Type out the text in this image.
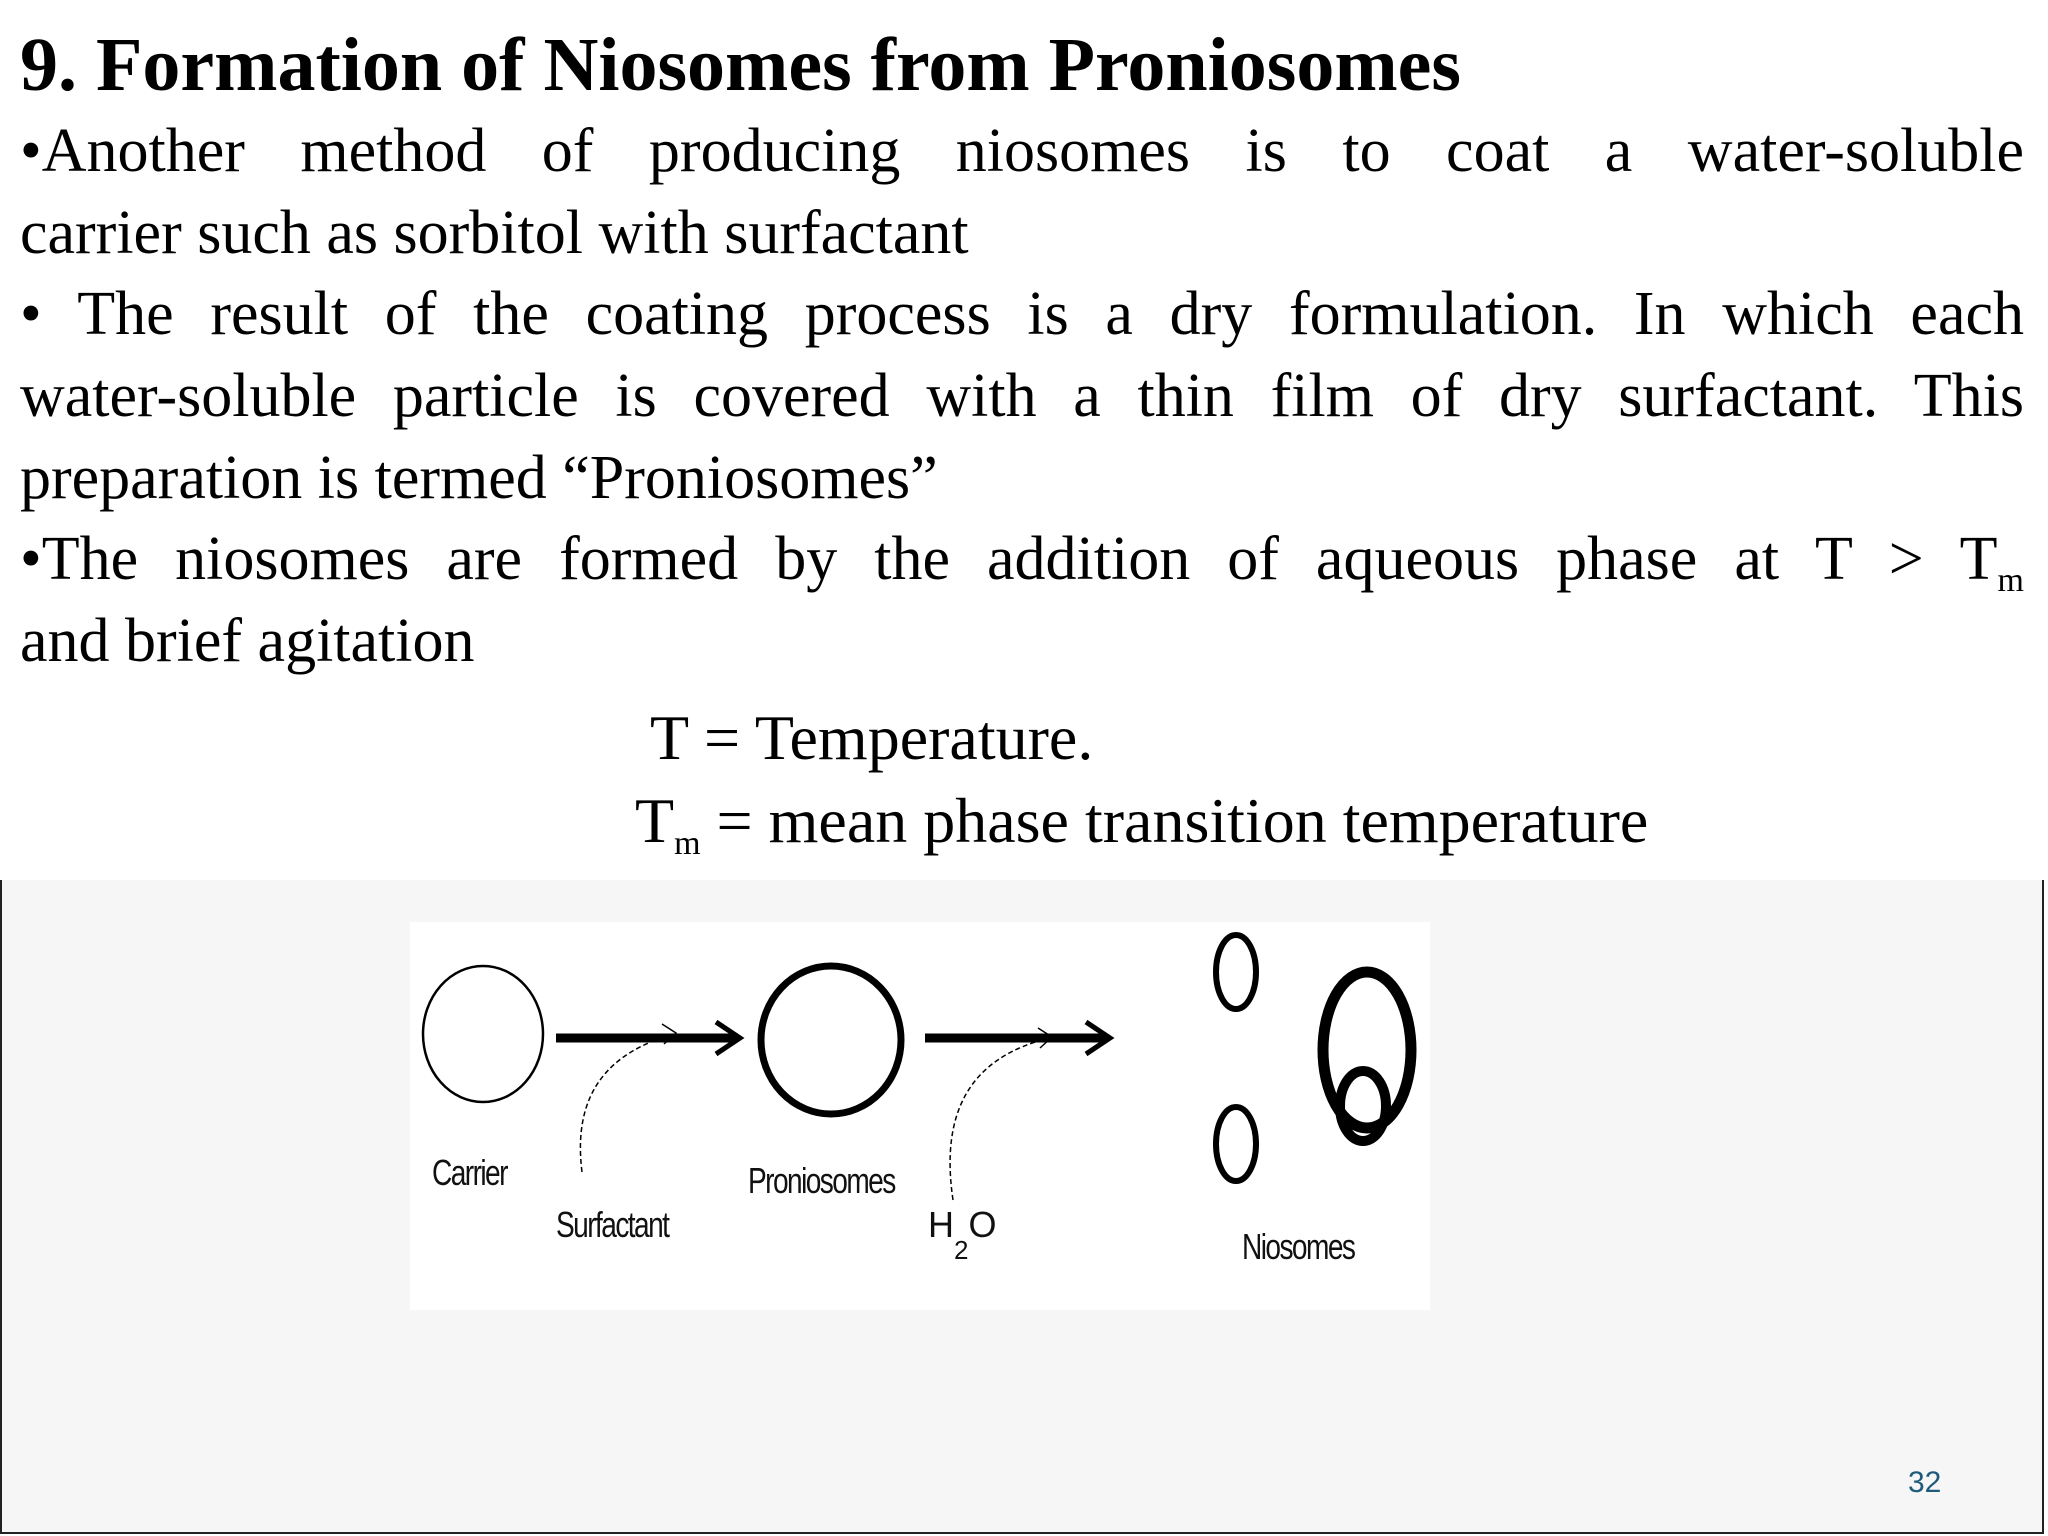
9. Formation of Niosomes from Proniosomes
•Another method of producing niosomes is to coat a water-soluble
carrier such as sorbitol with surfactant
• The result of the coating process is a dry formulation. In which each
water-soluble particle is covered with a thin film of dry surfactant. This
preparation is termed “Proniosomes”
•The niosomes are formed by the addition of aqueous phase at $T > T_m$
and brief agitation

T = Temperature.

$T_m$ = mean phase transition temperature

Carrier
Surfactant
Proniosomes
$H_2O$
Niosomes
32
